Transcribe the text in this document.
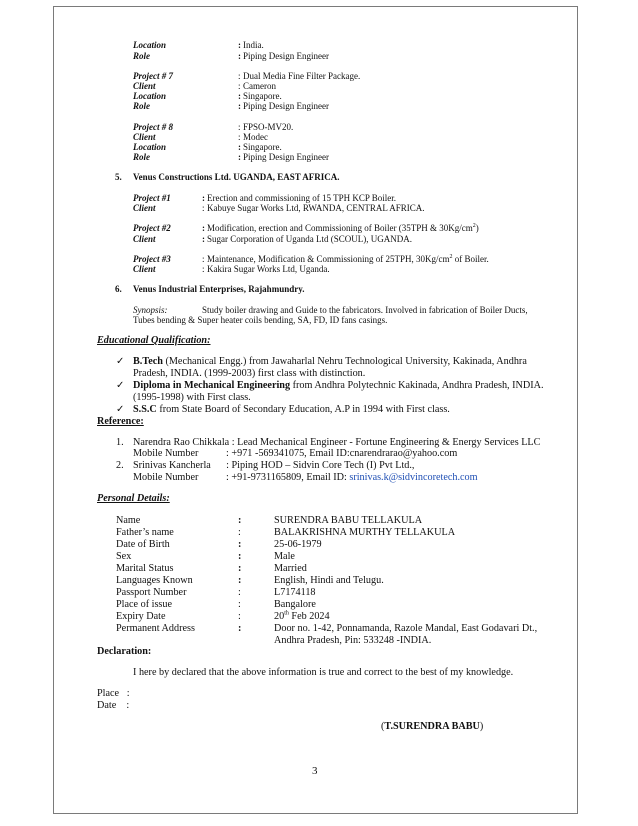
Location	: India.
Role	: Piping Design Engineer
Project # 7	: Dual Media Fine Filter Package.
Client	: Cameron
Location	: Singapore.
Role	: Piping Design Engineer
Project # 8	: FPSO-MV20.
Client	: Modec
Location	: Singapore.
Role	: Piping Design Engineer
5. Venus Constructions Ltd. UGANDA, EAST AFRICA.
Project #1	: Erection and commissioning of 15 TPH KCP Boiler.
Client	: Kabuye Sugar Works Ltd, RWANDA, CENTRAL AFRICA.
Project #2	: Modification, erection and Commissioning of Boiler (35TPH & $30Kg/cm^2$)
Client	: Sugar Corporation of Uganda Ltd (SCOUL), UGANDA.
Project #3	: Maintenance, Modification & Commissioning of 25TPH, $30Kg/cm^2$ of Boiler.
Client	: Kakira Sugar Works Ltd, Uganda.
6. Venus Industrial Enterprises, Rajahmundry.
Synopsis:	Study boiler drawing and Guide to the fabricators. Involved in fabrication of Boiler Ducts,
Tubes bending & Super heater coils bending, SA, FD, ID fans casings.
Educational Qualification:
✓ B.Tech (Mechanical Engg.) from Jawaharlal Nehru Technological University, Kakinada, Andhra
Pradesh, INDIA. (1999-2003) first class with distinction.
✓ Diploma in Mechanical Engineering from Andhra Polytechnic Kakinada, Andhra Pradesh, INDIA.
(1995-1998) with First class.
✓ S.S.C from State Board of Secondary Education, A.P in 1994 with First class.
Reference:
1. Narendra Rao Chikkala : Lead Mechanical Engineer - Fortune Engineering & Energy Services LLC
Mobile Number	: +971 -569341075, Email ID:cnarendrarao@yahoo.com
2. Srinivas Kancherla      : Piping HOD – Sidvin Core Tech (I) Pvt Ltd.,
Mobile Number	: +91-9731165809, Email ID: srinivas.k@sidvincoretech.com
Personal Details:
Name	:	SURENDRA BABU TELLAKULA
Father’s name	:	BALAKRISHNA MURTHY TELLAKULA
Date of Birth	:	25-06-1979
Sex	:	Male
Marital Status	:	Married
Languages Known	:	English, Hindi and Telugu.
Passport Number	:	L7174118
Place of issue	:	Bangalore
Expiry Date	:	20th Feb 2024
Permanent Address	:	Door no. 1-42, Ponnamanda, Razole Mandal, East Godavari Dt.,
Andhra Pradesh, Pin: 533248 -INDIA.
Declaration:
I here by declared that the above information is true and correct to the best of my knowledge.
Place   :
Date    :
(T.SURENDRA BABU)
3
